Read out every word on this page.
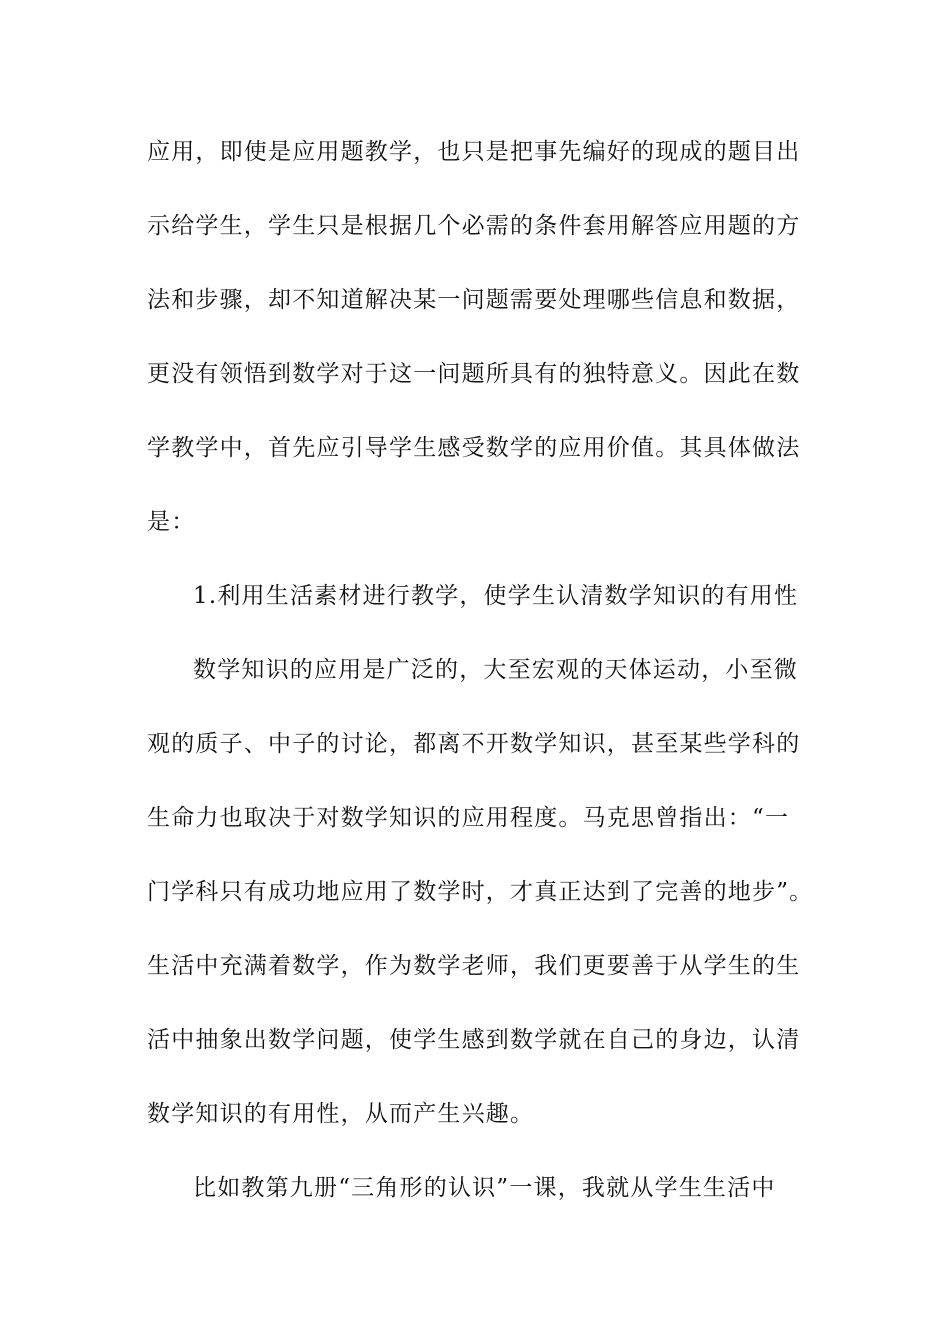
应用，即使是应用题教学，也只是把事先编好的现成的题目出
示给学生，学生只是根据几个必需的条件套用解答应用题的方
法和步骤，却不知道解决某一问题需要处理哪些信息和数据，
更没有领悟到数学对于这一问题所具有的独特意义。因此在数
学教学中，首先应引导学生感受数学的应用价值。其具体做法
是：
1.利用生活素材进行教学，使学生认清数学知识的有用性
数学知识的应用是广泛的，大至宏观的天体运动，小至微
观的质子、中子的讨论，都离不开数学知识，甚至某些学科的
生命力也取决于对数学知识的应用程度。马克思曾指出：“一
门学科只有成功地应用了数学时，才真正达到了完善的地步”。
生活中充满着数学，作为数学老师，我们更要善于从学生的生
活中抽象出数学问题，使学生感到数学就在自己的身边，认清
数学知识的有用性，从而产生兴趣。
比如教第九册“三角形的认识”一课，我就从学生生活中
